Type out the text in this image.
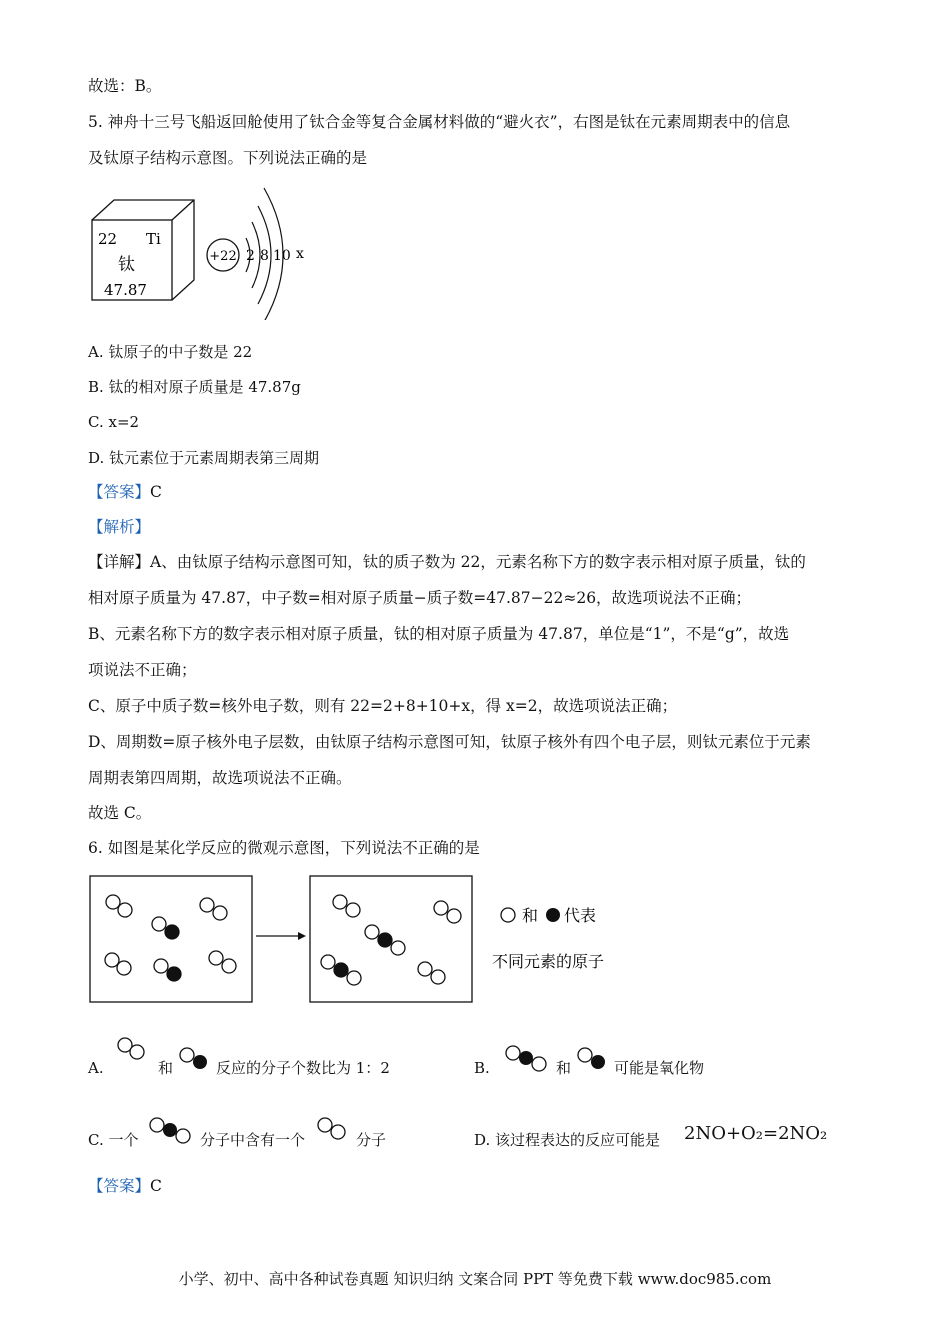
故选：B。
5. 神舟十三号飞船返回舱使用了钛合金等复合金属材料做的“避火衣”，右图是钛在元素周期表中的信息
及钛原子结构示意图。下列说法正确的是
22 Ti
钛
47.87
+22 2 8 10 x
A. 钛原子的中子数是 22
B. 钛的相对原子质量是 47.87g
C. x=2
D. 钛元素位于元素周期表第三周期
【答案】C
【解析】
【详解】A、由钛原子结构示意图可知，钛的质子数为 22，元素名称下方的数字表示相对原子质量，钛的
相对原子质量为 47.87，中子数=相对原子质量−质子数=47.87−22≈26，故选项说法不正确；
B、元素名称下方的数字表示相对原子质量，钛的相对原子质量为 47.87，单位是“1”，不是“g”，故选
项说法不正确；
C、原子中质子数=核外电子数，则有 22=2+8+10+x，得 x=2，故选项说法正确；
D、周期数=原子核外电子层数，由钛原子结构示意图可知，钛原子核外有四个电子层，则钛元素位于元素
周期表第四周期，故选项说法不正确。
故选 C。
6. 如图是某化学反应的微观示意图，下列说法不正确的是
和 代表
不同元素的原子
A.	和	反应的分子个数比为 1：2	B.	和	可能是氧化物
C. 一个	分子中含有一个	分子	D. 该过程表达的反应可能是 2NO+O₂=2NO₂
【答案】C
小学、初中、高中各种试卷真题 知识归纳 文案合同 PPT 等免费下载 www.doc985.com
